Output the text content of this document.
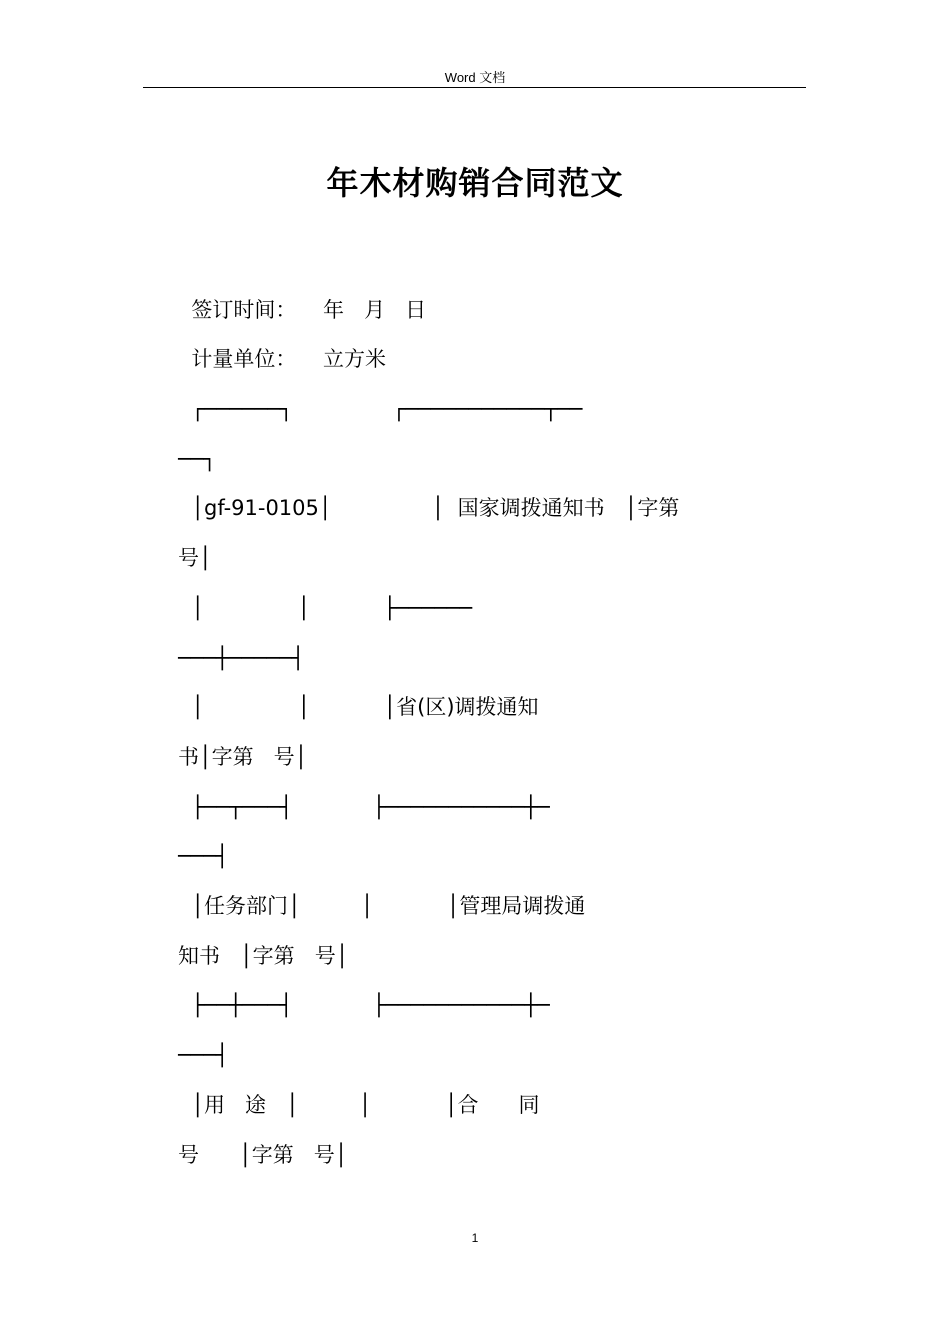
Word 文档
年木材购销合同范文
签订时间：    年   月   日
计量单位：    立方米
┌──────┐               ┌───────────┬──
──┐
│gf-91-0105│               │  国家调拨通知书   │字第
号│
│              │           ├──────
───┼─────┤
│              │           │省(区)调拨通知
书│字第   号│
├──┬───┤            ├───────────┼─
───┤
│任务部门│         │           │管理局调拨通
知书   │字第   号│
├──┼───┤            ├───────────┼─
───┤
│用   途   │         │           │合      同
号      │字第   号│
1
